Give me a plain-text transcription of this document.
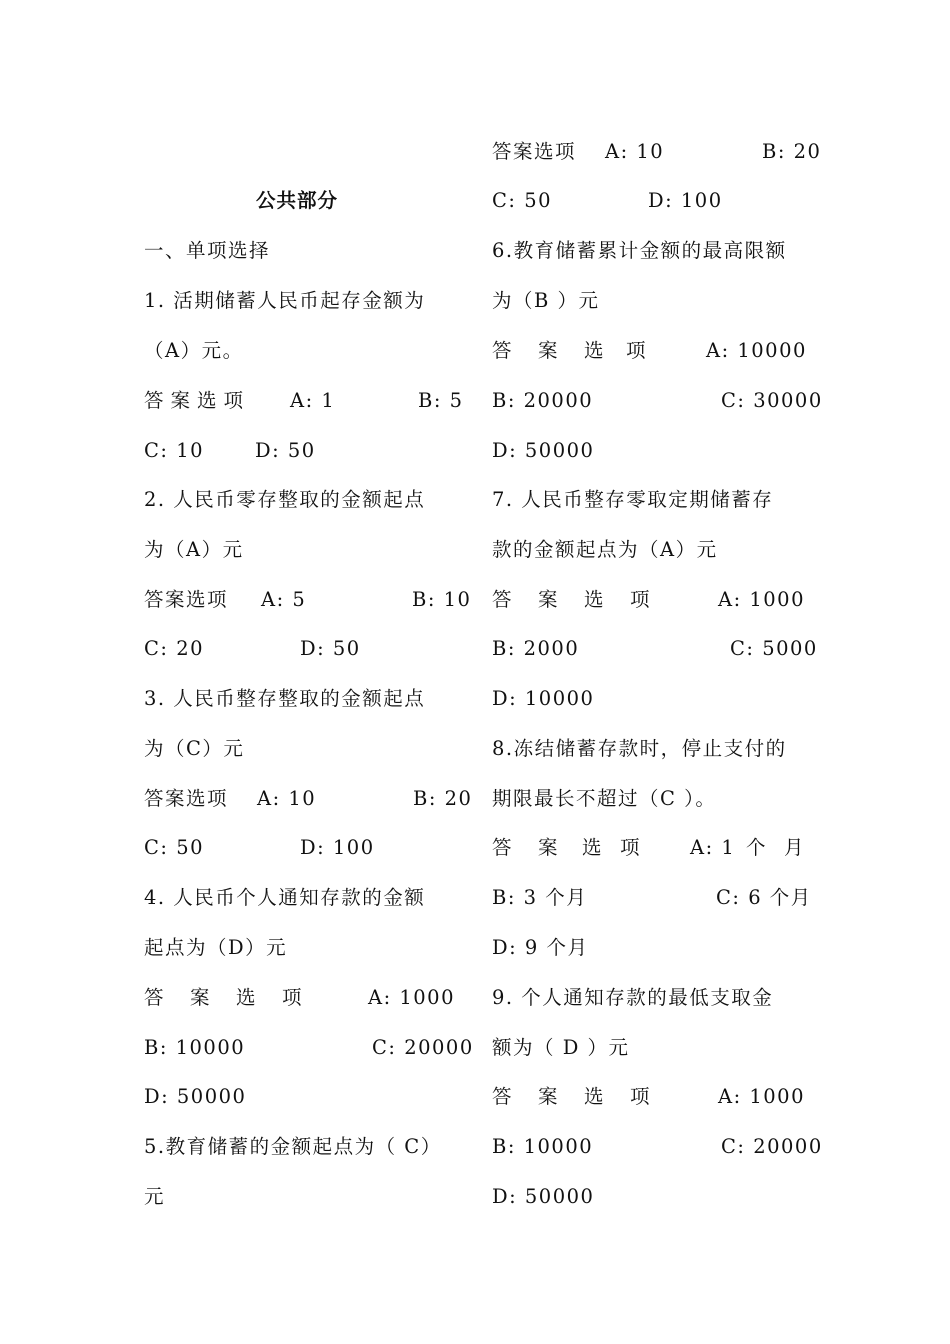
公共部分
一、单项选择
1. 活期储蓄人民币起存金额为
（A）元。
答案选项 A: 1	B: 5
C: 10	D: 50
2. 人民币零存整取的金额起点
为（A）元
答案选项 A: 5	B: 10
C: 20	D: 50
3. 人民币整存整取的金额起点
为（C）元
答案选项 A: 10	B: 20
C: 50	D: 100
4. 人民币个人通知存款的金额
起点为（D）元
答 案 选 项	A: 1000
B: 10000	C: 20000
D: 50000
5.教育储蓄的金额起点为（ C）
元
答案选项 A: 10	B: 20
C: 50	D: 100
6.教育储蓄累计金额的最高限额
为（B ）元
答 案 选 项	A: 10000
B: 20000	C: 30000
D: 50000
7. 人民币整存零取定期储蓄存
款的金额起点为（A）元
答 案 选 项	A: 1000
B: 2000	C: 5000
D: 10000
8.冻结储蓄存款时，停止支付的
期限最长不超过（C ）。
答 案 选 项	A: 1 个 月
B: 3 个月	C: 6 个月
D: 9 个月
9. 个人通知存款的最低支取金
额为（ D ）元
答 案 选 项	A: 1000
B: 10000	C: 20000
D: 50000
